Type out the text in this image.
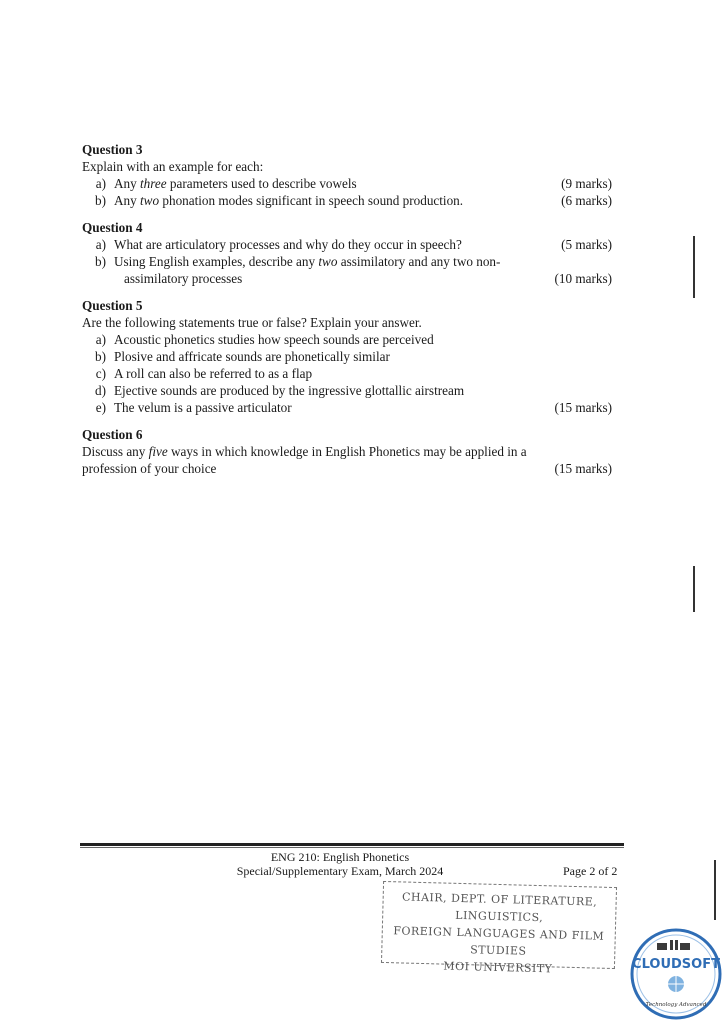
Question 3
Explain with an example for each:
a) Any three parameters used to describe vowels	(9 marks)
b) Any two phonation modes significant in speech sound production.	(6 marks)
Question 4
a) What are articulatory processes and why do they occur in speech?	(5 marks)
b) Using English examples, describe any two assimilatory and any two non-
assimilatory processes	(10 marks)
Question 5
Are the following statements true or false? Explain your answer.
a) Acoustic phonetics studies how speech sounds are perceived
b) Plosive and affricate sounds are phonetically similar
c) A roll can also be referred to as a flap
d) Ejective sounds are produced by the ingressive glottallic airstream
e) The velum is a passive articulator	(15 marks)
Question 6
Discuss any five ways in which knowledge in English Phonetics may be applied in a
profession of your choice	(15 marks)
ENG 210: English Phonetics
Special/Supplementary Exam, March 2024	Page 2 of 2
CHAIR, DEPT. OF LITERATURE, LINGUISTICS,
FOREIGN LANGUAGES AND FILM STUDIES
MOI UNIVERSITY	CLOUDSOFT
Technology Advanced
